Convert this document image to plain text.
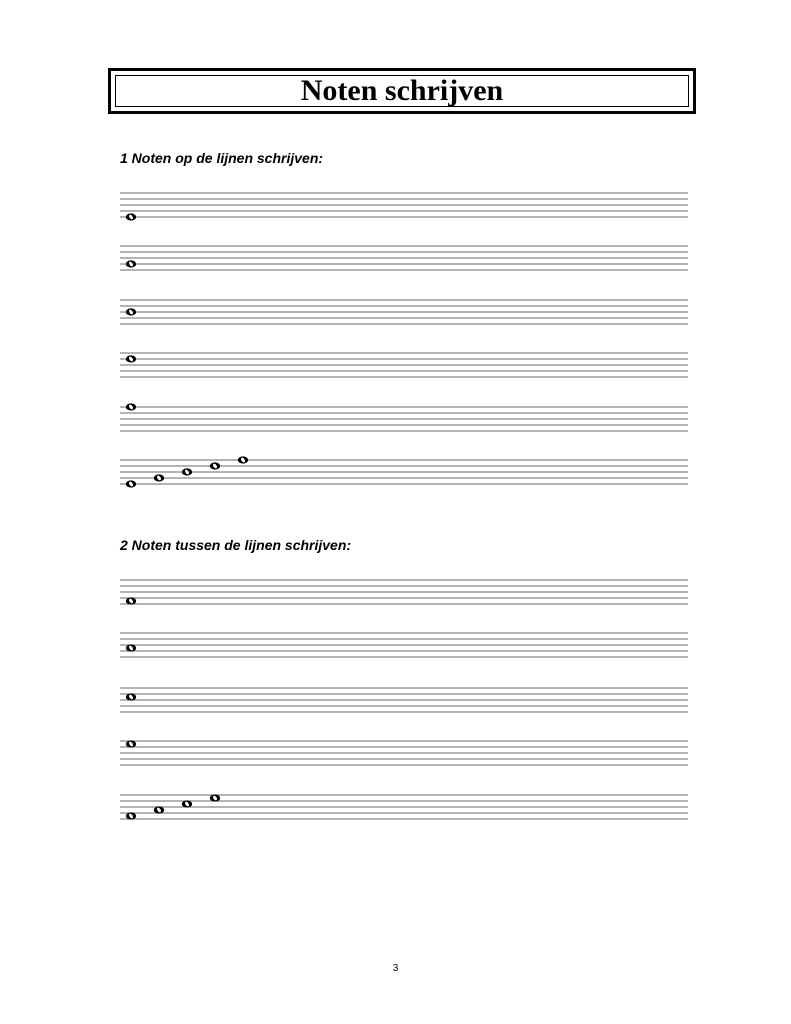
Noten schrijven
1 Noten op de lijnen schrijven:
2 Noten tussen de lijnen schrijven:
3
